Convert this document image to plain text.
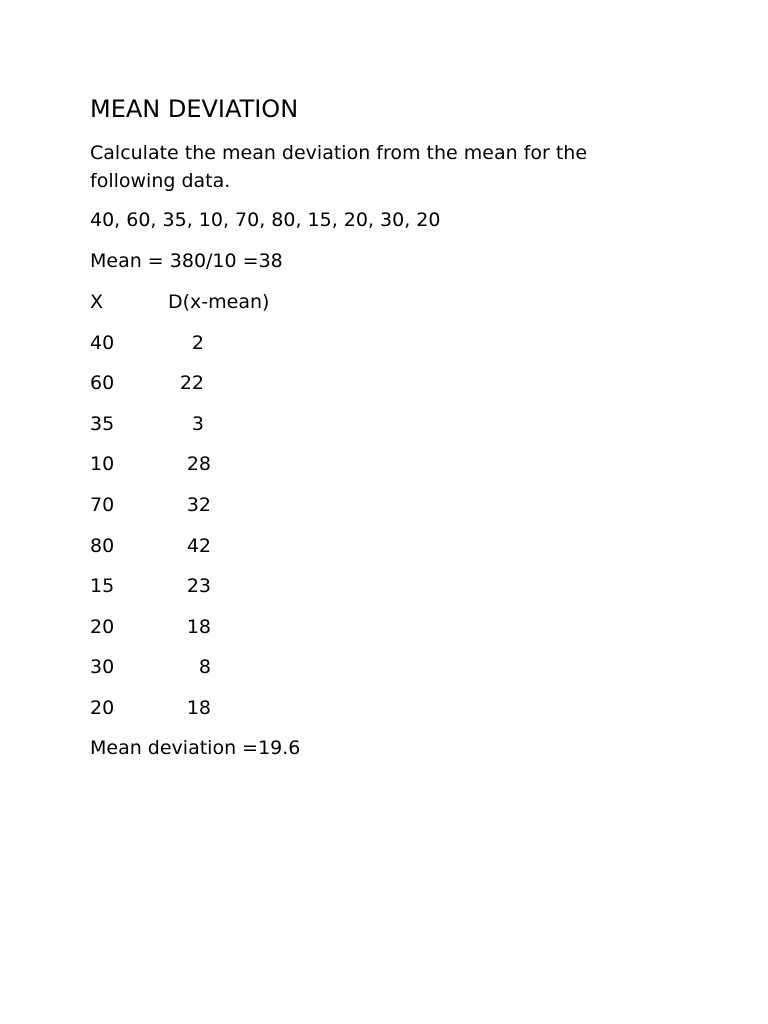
MEAN DEVIATION
Calculate the mean deviation from the mean for the following data.
40, 60, 35, 10, 70, 80, 15, 20, 30, 20
Mean = 380/10 =38
X	D(x-mean)
40	2
60	22
35	3
10	28
70	32
80	42
15	23
20	18
30	8
20	18
Mean deviation =19.6
